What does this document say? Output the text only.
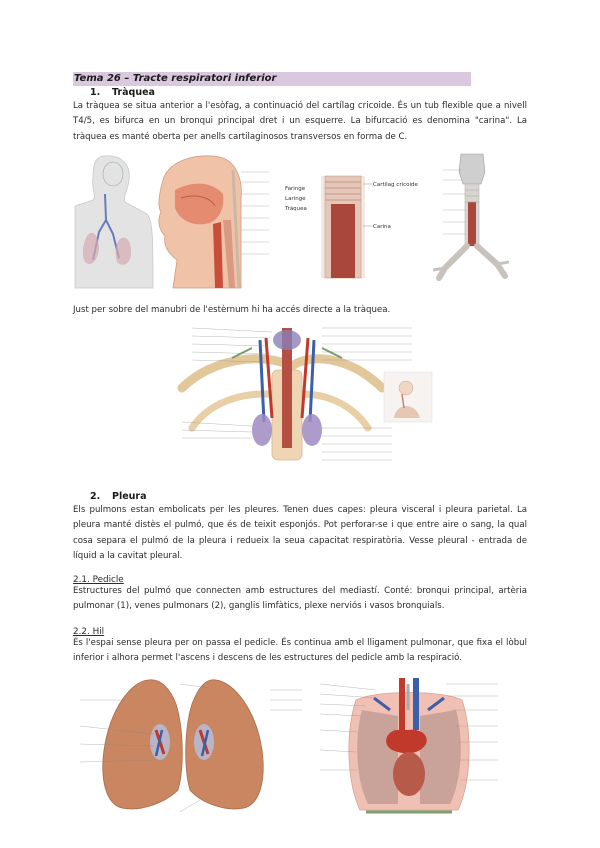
Tema 26 – Tracte respiratori inferior
1. Tràquea
La tràquea se situa anterior a l'esòfag, a continuació del cartílag cricoide. És un tub flexible que a nivell T4/5, es bifurca en un bronqui principal dret i un esquerre. La bifurcació es denomina "carina". La tràquea es manté oberta per anells cartilaginosos transversos en forma de C.
Faringe
Laringe
Tràquea
Cartílag cricoide
Carina
Just per sobre del manubri de l'estèrnum hi ha accés directe a la tràquea.
2. Pleura
Els pulmons estan embolicats per les pleures. Tenen dues capes: pleura visceral i pleura parietal. La pleura manté distès el pulmó, que és de teixit esponjós. Pot perforar-se i que entre aire o sang, la qual cosa separa el pulmó de la pleura i redueix la seua capacitat respiratòria. Vesse pleural - entrada de líquid a la cavitat pleural.
2.1. Pedicle
Estructures del pulmó que connecten amb estructures del mediastí. Conté: bronqui principal, artèria pulmonar (1), venes pulmonars (2), ganglis limfàtics, plexe nerviós i vasos bronquials.
2.2. Hil
És l'espai sense pleura per on passa el pedicle. És continua amb el lligament pulmonar, que fixa el lòbul inferior i alhora permet l'ascens i descens de les estructures del pedicle amb la respiració.
